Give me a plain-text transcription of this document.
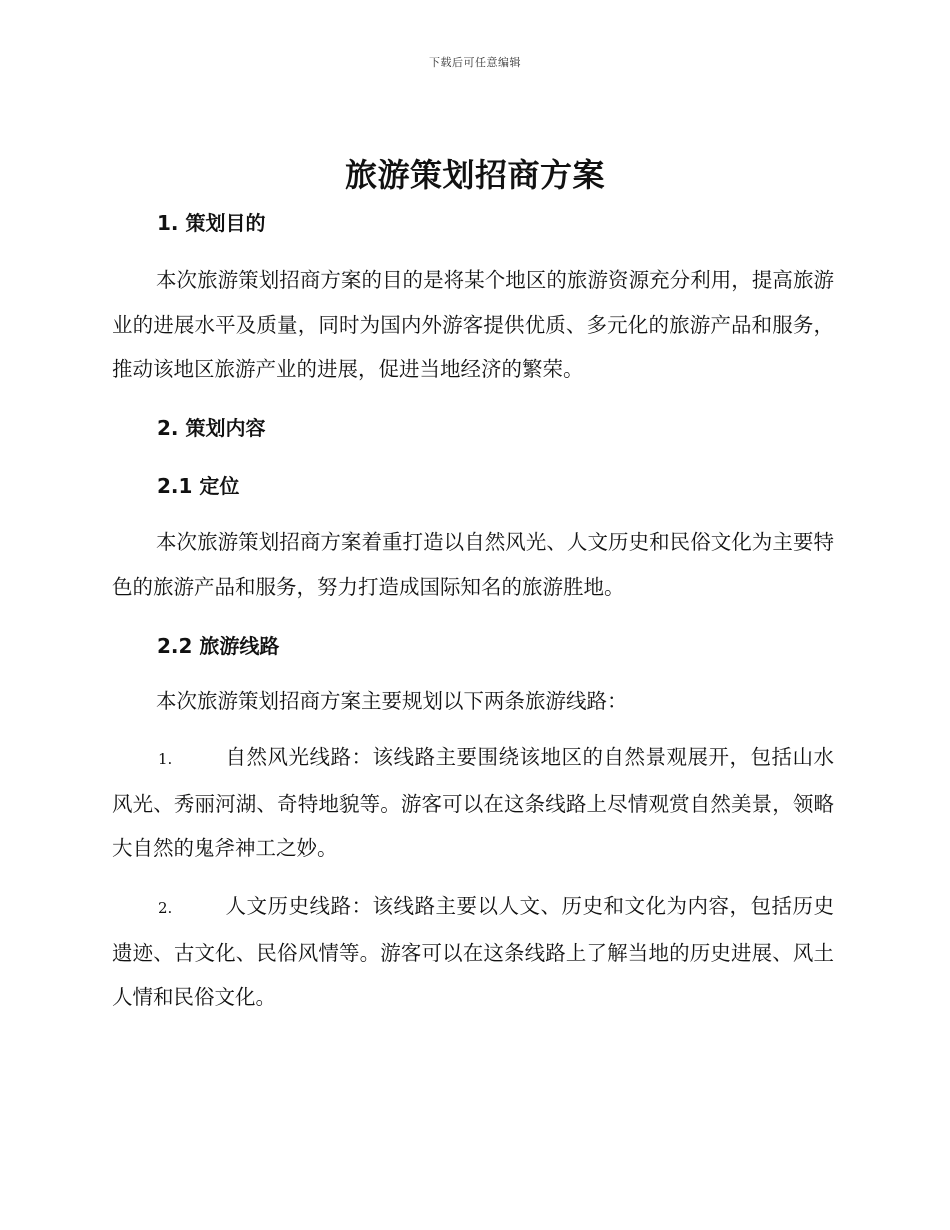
下载后可任意编辑
旅游策划招商方案
1. 策划目的

本次旅游策划招商方案的目的是将某个地区的旅游资源充分利用，提高旅游业的进展水平及质量，同时为国内外游客提供优质、多元化的旅游产品和服务，推动该地区旅游产业的进展，促进当地经济的繁荣。

2. 策划内容
2.1 定位

本次旅游策划招商方案着重打造以自然风光、人文历史和民俗文化为主要特色的旅游产品和服务，努力打造成国际知名的旅游胜地。

2.2 旅游线路

本次旅游策划招商方案主要规划以下两条旅游线路：

1.	自然风光线路：该线路主要围绕该地区的自然景观展开，包括山水风光、秀丽河湖、奇特地貌等。游客可以在这条线路上尽情观赏自然美景，领略大自然的鬼斧神工之妙。

2.	人文历史线路：该线路主要以人文、历史和文化为内容，包括历史遗迹、古文化、民俗风情等。游客可以在这条线路上了解当地的历史进展、风土人情和民俗文化。
